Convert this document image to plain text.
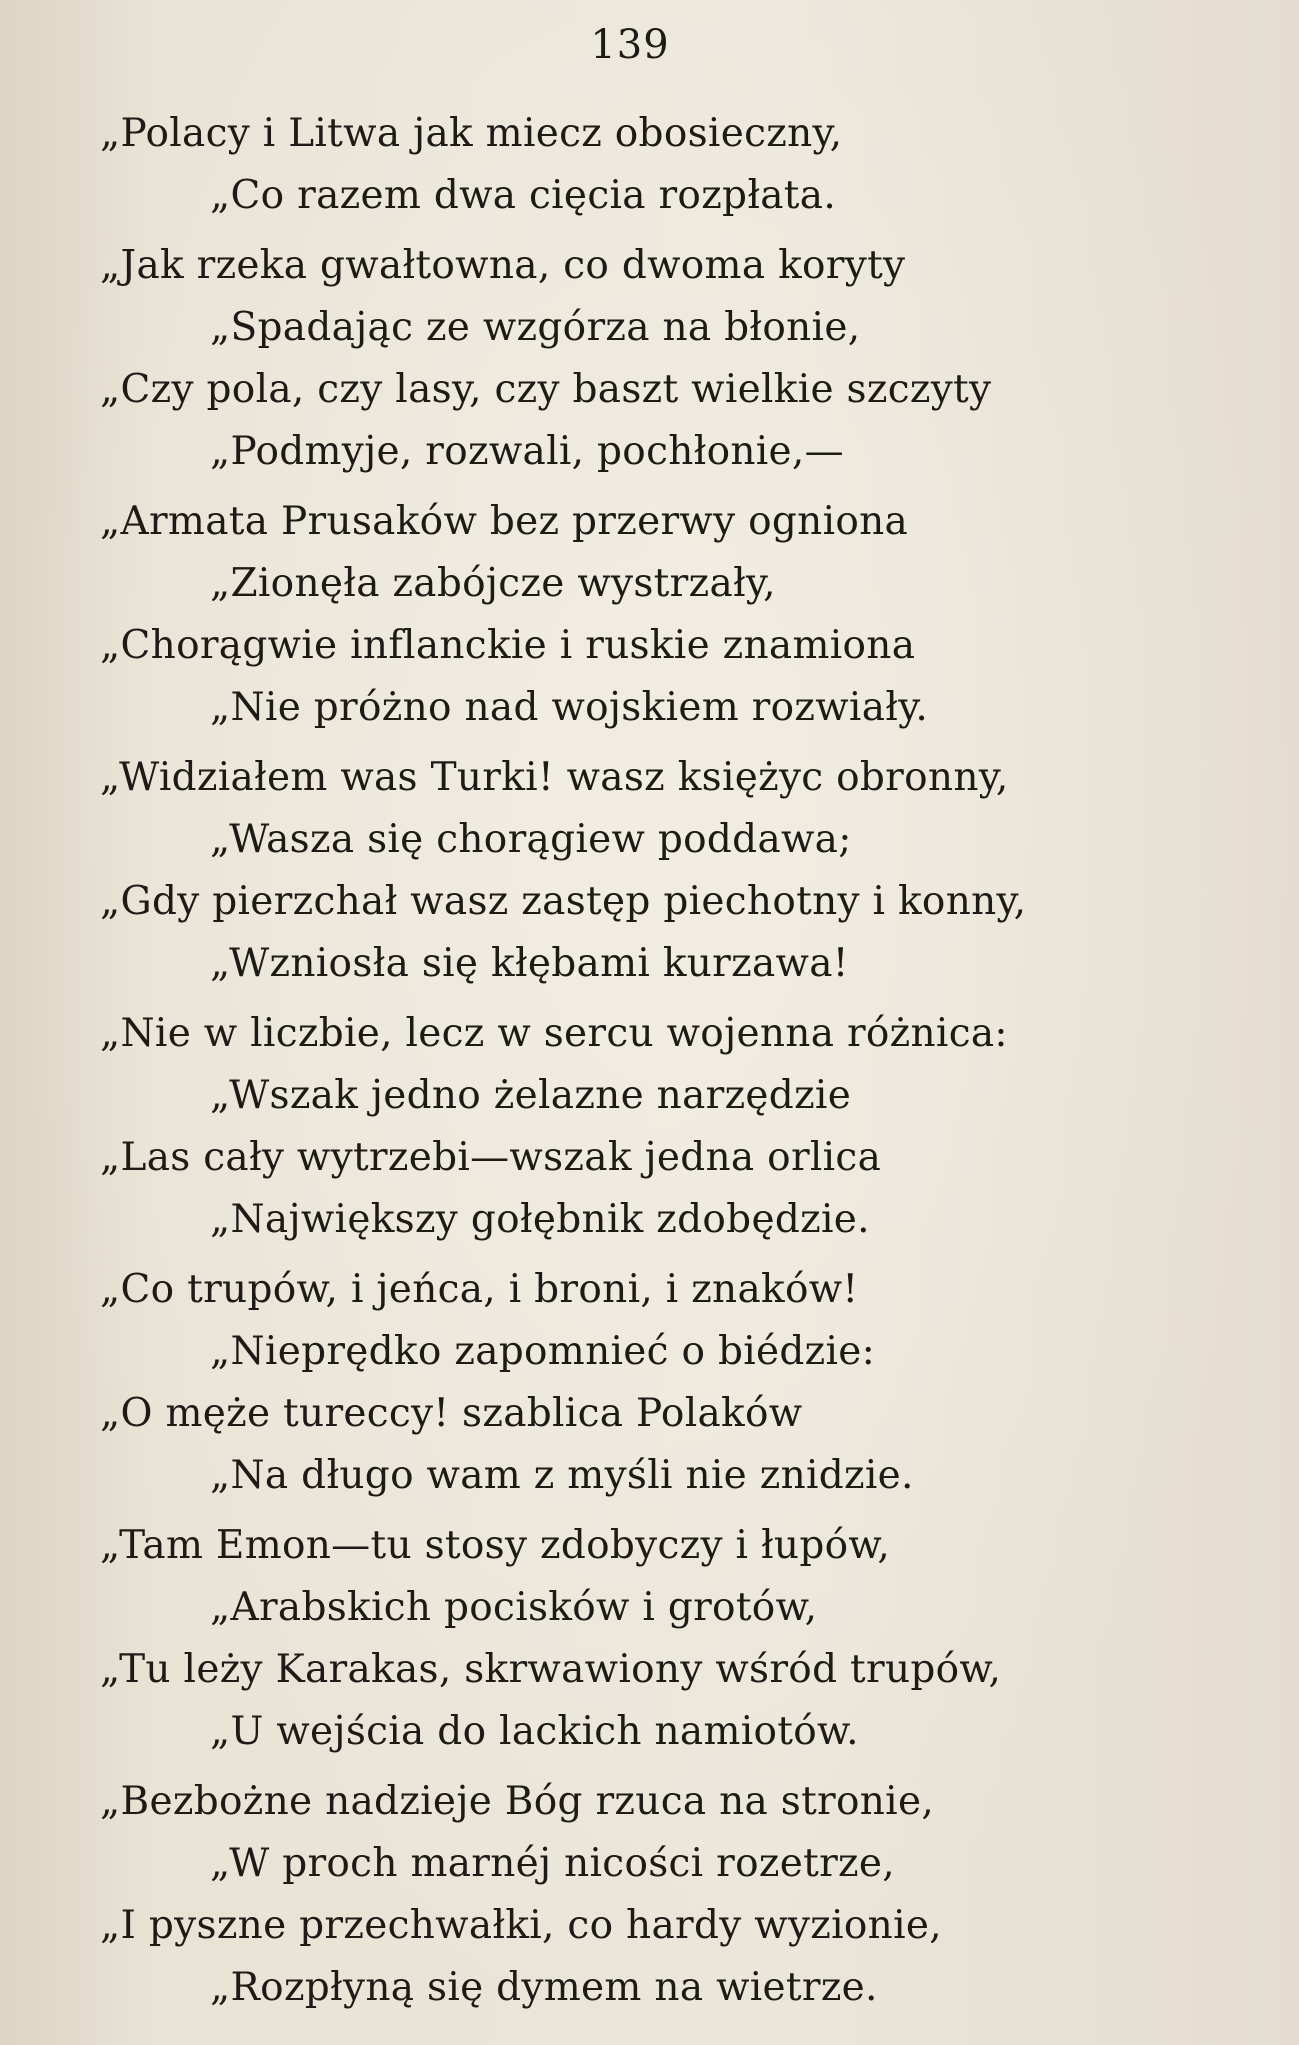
139
„Polacy i Litwa jak miecz obosieczny,
„Co razem dwa cięcia rozpłata.
„Jak rzeka gwałtowna, co dwoma koryty
„Spadając ze wzgórza na błonie,
„Czy pola, czy lasy, czy baszt wielkie szczyty
„Podmyje, rozwali, pochłonie,—
„Armata Prusaków bez przerwy ogniona
„Zionęła zabójcze wystrzały,
„Chorągwie inflanckie i ruskie znamiona
„Nie próżno nad wojskiem rozwiały.
„Widziałem was Turki! wasz księżyc obronny,
„Wasza się chorągiew poddawa;
„Gdy pierzchał wasz zastęp piechotny i konny,
„Wzniosła się kłębami kurzawa!
„Nie w liczbie, lecz w sercu wojenna różnica:
„Wszak jedno żelazne narzędzie
„Las cały wytrzebi—wszak jedna orlica
„Największy gołębnik zdobędzie.
„Co trupów, i jeńca, i broni, i znaków!
„Nieprędko zapomnieć o biédzie:
„O męże tureccy! szablica Polaków
„Na długo wam z myśli nie znidzie.
„Tam Emon—tu stosy zdobyczy i łupów,
„Arabskich pocisków i grotów,
„Tu leży Karakas, skrwawiony wśród trupów,
„U wejścia do lackich namiotów.
„Bezbożne nadzieje Bóg rzuca na stronie,
„W proch marnéj nicości rozetrze,
„I pyszne przechwałki, co hardy wyzionie,
„Rozpłyną się dymem na wietrze.
